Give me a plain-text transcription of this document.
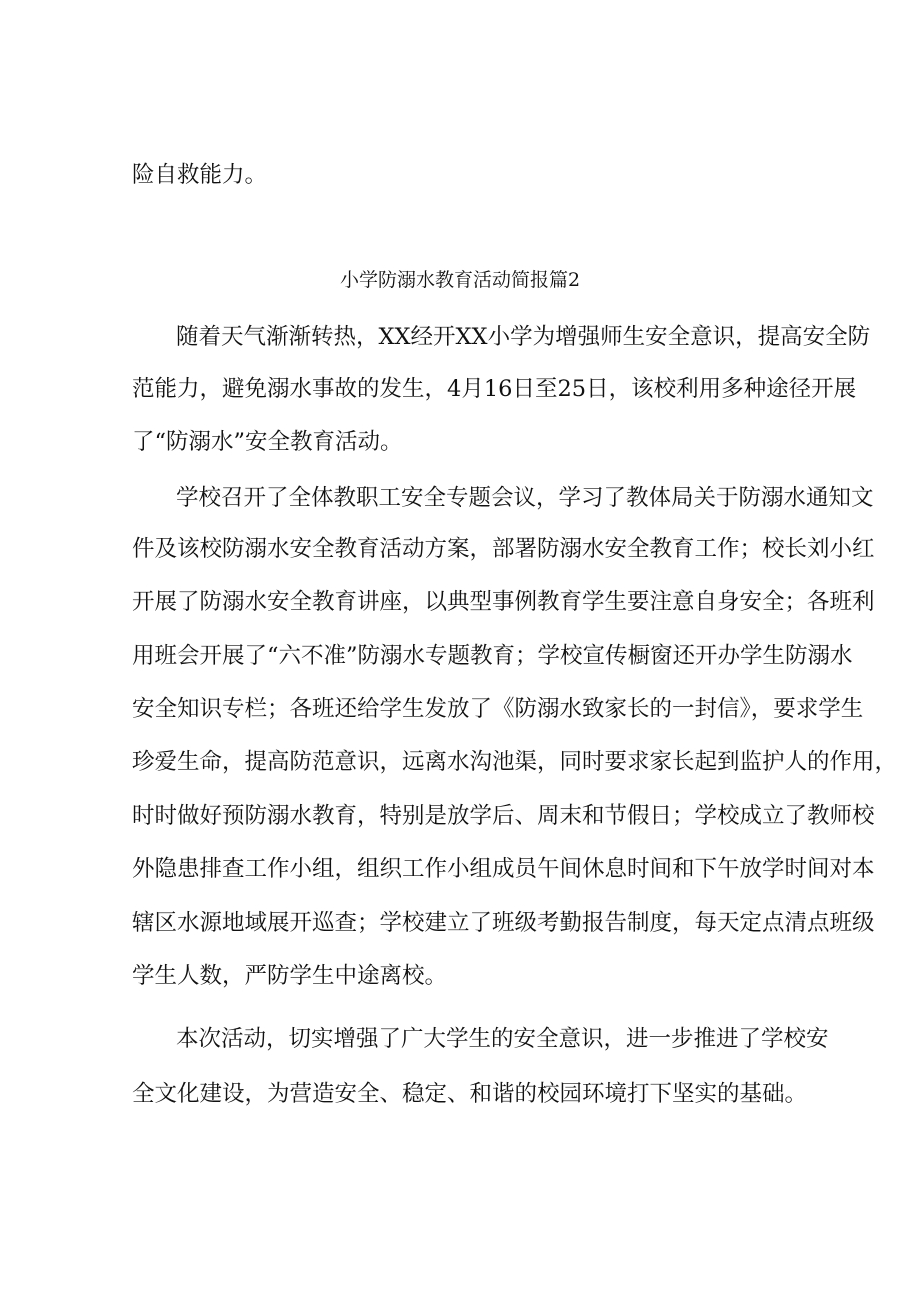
险自救能力。
小学防溺水教育活动简报篇2
随着天气渐渐转热，XX经开XX小学为增强师生安全意识，提高安全防
范能力，避免溺水事故的发生，4月16日至25日，该校利用多种途径开展
了“防溺水”安全教育活动。
学校召开了全体教职工安全专题会议，学习了教体局关于防溺水通知文
件及该校防溺水安全教育活动方案，部署防溺水安全教育工作；校长刘小红
开展了防溺水安全教育讲座，以典型事例教育学生要注意自身安全；各班利
用班会开展了“六不准”防溺水专题教育；学校宣传橱窗还开办学生防溺水
安全知识专栏；各班还给学生发放了《防溺水致家长的一封信》，要求学生
珍爱生命，提高防范意识，远离水沟池渠，同时要求家长起到监护人的作用，
时时做好预防溺水教育，特别是放学后、周末和节假日；学校成立了教师校
外隐患排查工作小组，组织工作小组成员午间休息时间和下午放学时间对本
辖区水源地域展开巡查；学校建立了班级考勤报告制度，每天定点清点班级
学生人数，严防学生中途离校。
本次活动，切实增强了广大学生的安全意识，进一步推进了学校安
全文化建设，为营造安全、稳定、和谐的校园环境打下坚实的基础。
